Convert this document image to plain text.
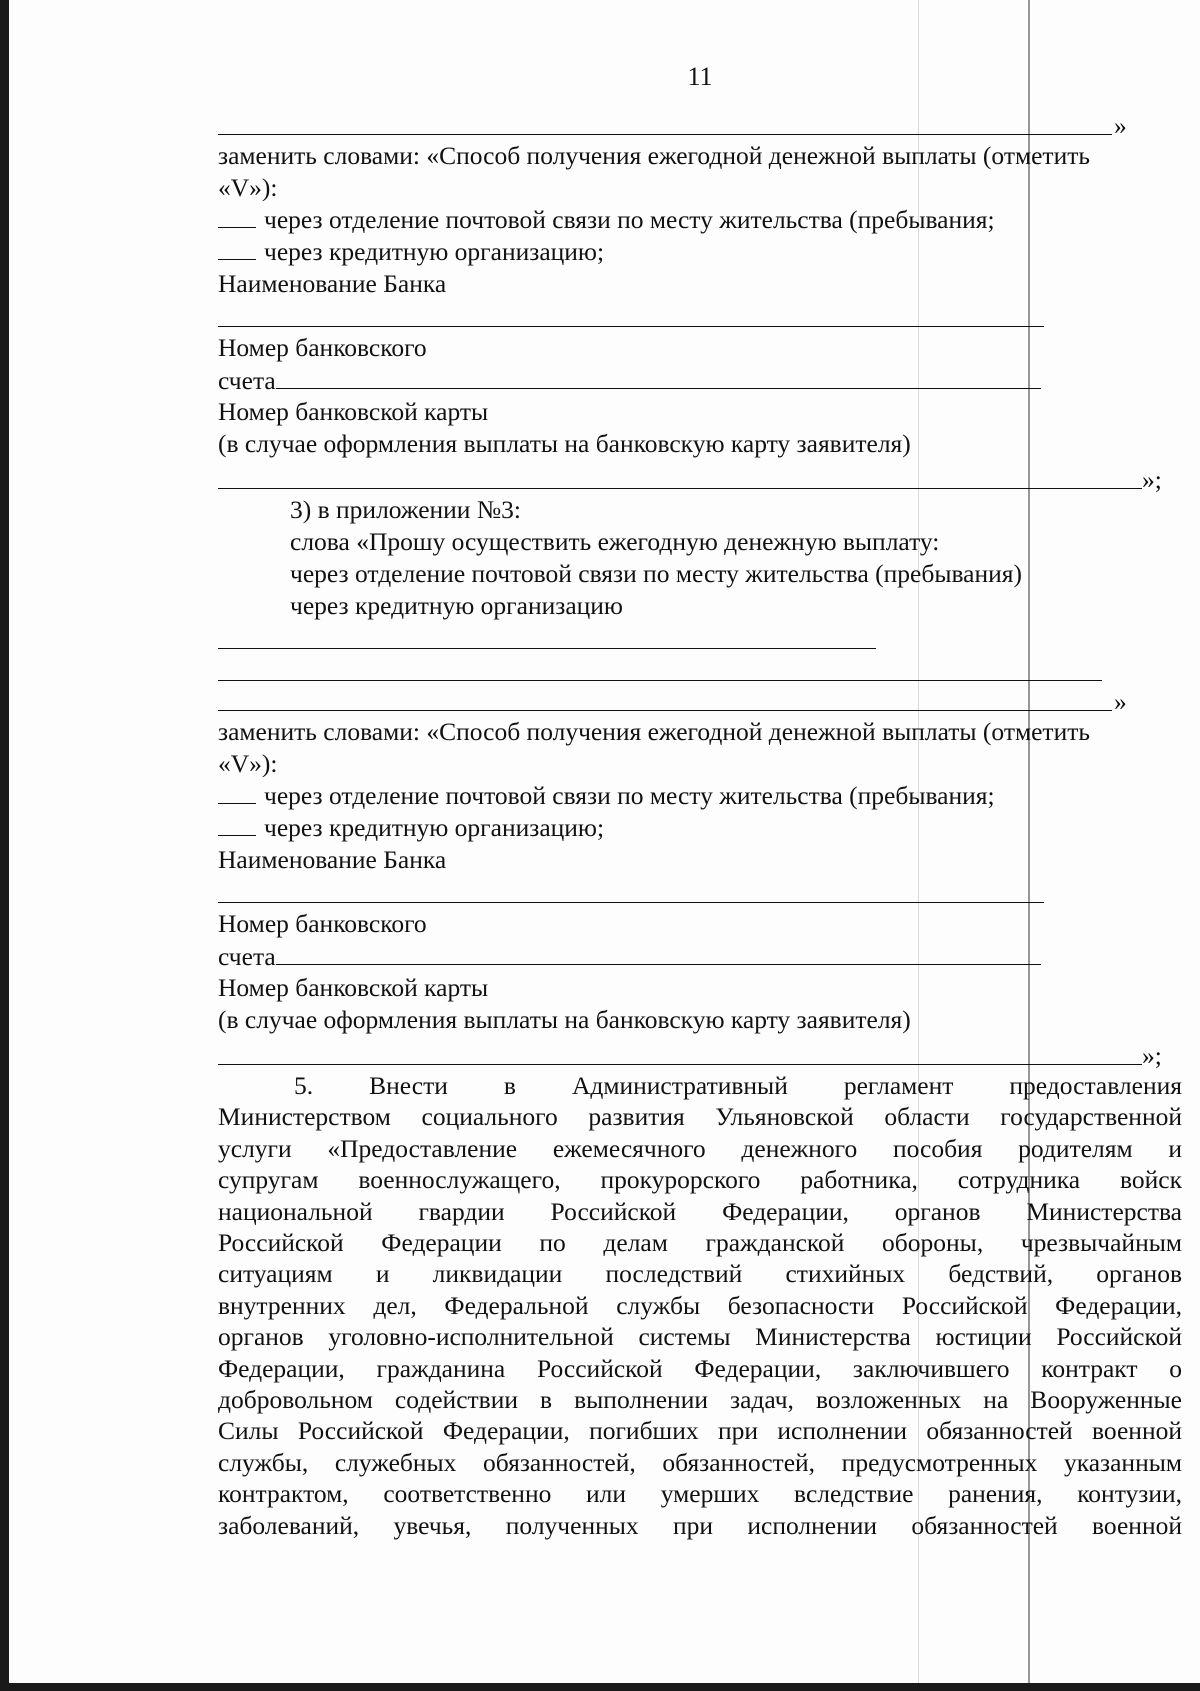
11
»
заменить словами: «Способ получения ежегодной денежной выплаты (отметить
«V»):
через отделение почтовой связи по месту жительства (пребывания;
через кредитную организацию;
Наименование Банка
Номер банковского
счета
Номер банковской карты
(в случае оформления выплаты на банковскую карту заявителя)
»;
3) в приложении №3:
слова «Прошу осуществить ежегодную денежную выплату:
через отделение почтовой связи по месту жительства (пребывания)
через кредитную организацию
»
заменить словами: «Способ получения ежегодной денежной выплаты (отметить
«V»):
через отделение почтовой связи по месту жительства (пребывания;
через кредитную организацию;
Наименование Банка
Номер банковского
счета
Номер банковской карты
(в случае оформления выплаты на банковскую карту заявителя)
»;
5. Внести в Административный регламент предоставления
Министерством социального развития Ульяновской области государственной
услуги «Предоставление ежемесячного денежного пособия родителям и
супругам военнослужащего, прокурорского работника, сотрудника войск
национальной гвардии Российской Федерации, органов Министерства
Российской Федерации по делам гражданской обороны, чрезвычайным
ситуациям и ликвидации последствий стихийных бедствий, органов
внутренних дел, Федеральной службы безопасности Российской Федерации,
органов уголовно-исполнительной системы Министерства юстиции Российской
Федерации, гражданина Российской Федерации, заключившего контракт о
добровольном содействии в выполнении задач, возложенных на Вооруженные
Силы Российской Федерации, погибших при исполнении обязанностей военной
службы, служебных обязанностей, обязанностей, предусмотренных указанным
контрактом, соответственно или умерших вследствие ранения, контузии,
заболеваний, увечья, полученных при исполнении обязанностей военной
